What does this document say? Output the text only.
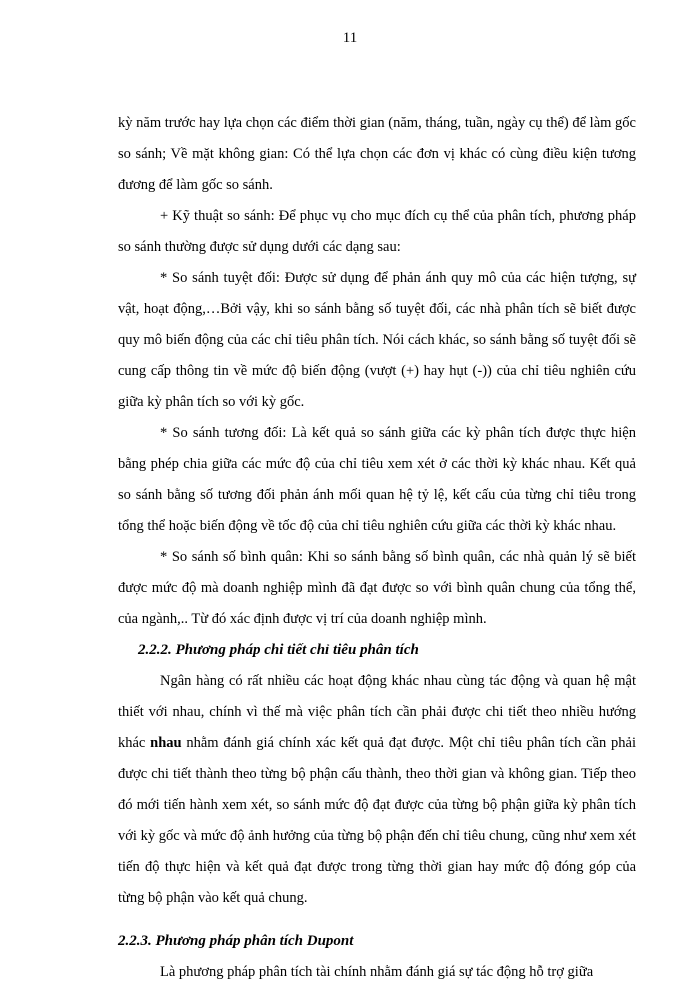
11

kỳ năm trước hay lựa chọn các điểm thời gian (năm, tháng, tuần, ngày cụ thể) để làm gốc so sánh; Về mặt không gian: Có thể lựa chọn các đơn vị khác có cùng điều kiện tương đương để làm gốc so sánh.

+ Kỹ thuật so sánh: Để phục vụ cho mục đích cụ thể của phân tích, phương pháp so sánh thường được sử dụng dưới các dạng sau:

* So sánh tuyệt đối: Được sử dụng để phản ánh quy mô của các hiện tượng, sự vật, hoạt động,…Bởi vậy, khi so sánh bằng số tuyệt đối, các nhà phân tích sẽ biết được quy mô biến động của các chỉ tiêu phân tích. Nói cách khác, so sánh bằng số tuyệt đối sẽ cung cấp thông tin về mức độ biến động (vượt (+) hay hụt (-)) của chỉ tiêu nghiên cứu giữa kỳ phân tích so với kỳ gốc.

* So sánh tương đối: Là kết quả so sánh giữa các kỳ phân tích được thực hiện bằng phép chia giữa các mức độ của chỉ tiêu xem xét ở các thời kỳ khác nhau. Kết quả so sánh bằng số tương đối phản ánh mối quan hệ tỷ lệ, kết cấu của từng chỉ tiêu trong tổng thể hoặc biến động về tốc độ của chỉ tiêu nghiên cứu giữa các thời kỳ khác nhau.

* So sánh số bình quân: Khi so sánh bằng số bình quân, các nhà quản lý sẽ biết được mức độ mà doanh nghiệp mình đã đạt được so với bình quân chung của tổng thể, của ngành,.. Từ đó xác định được vị trí của doanh nghiệp mình.

2.2.2. Phương pháp chi tiết chỉ tiêu phân tích

Ngân hàng có rất nhiều các hoạt động khác nhau cùng tác động và quan hệ mật thiết với nhau, chính vì thế mà việc phân tích cần phải được chi tiết theo nhiều hướng khác nhau nhằm đánh giá chính xác kết quả đạt được. Một chỉ tiêu phân tích cần phải được chi tiết thành theo từng bộ phận cấu thành, theo thời gian và không gian. Tiếp theo đó mới tiến hành xem xét, so sánh mức độ đạt được của từng bộ phận giữa kỳ phân tích với kỳ gốc và mức độ ảnh hưởng của từng bộ phận đến chỉ tiêu chung, cũng như xem xét tiến độ thực hiện và kết quả đạt được trong từng thời gian hay mức độ đóng góp của từng bộ phận vào kết quả chung.

2.2.3. Phương pháp phân tích Dupont

Là phương pháp phân tích tài chính nhằm đánh giá sự tác động hỗ trợ giữa
